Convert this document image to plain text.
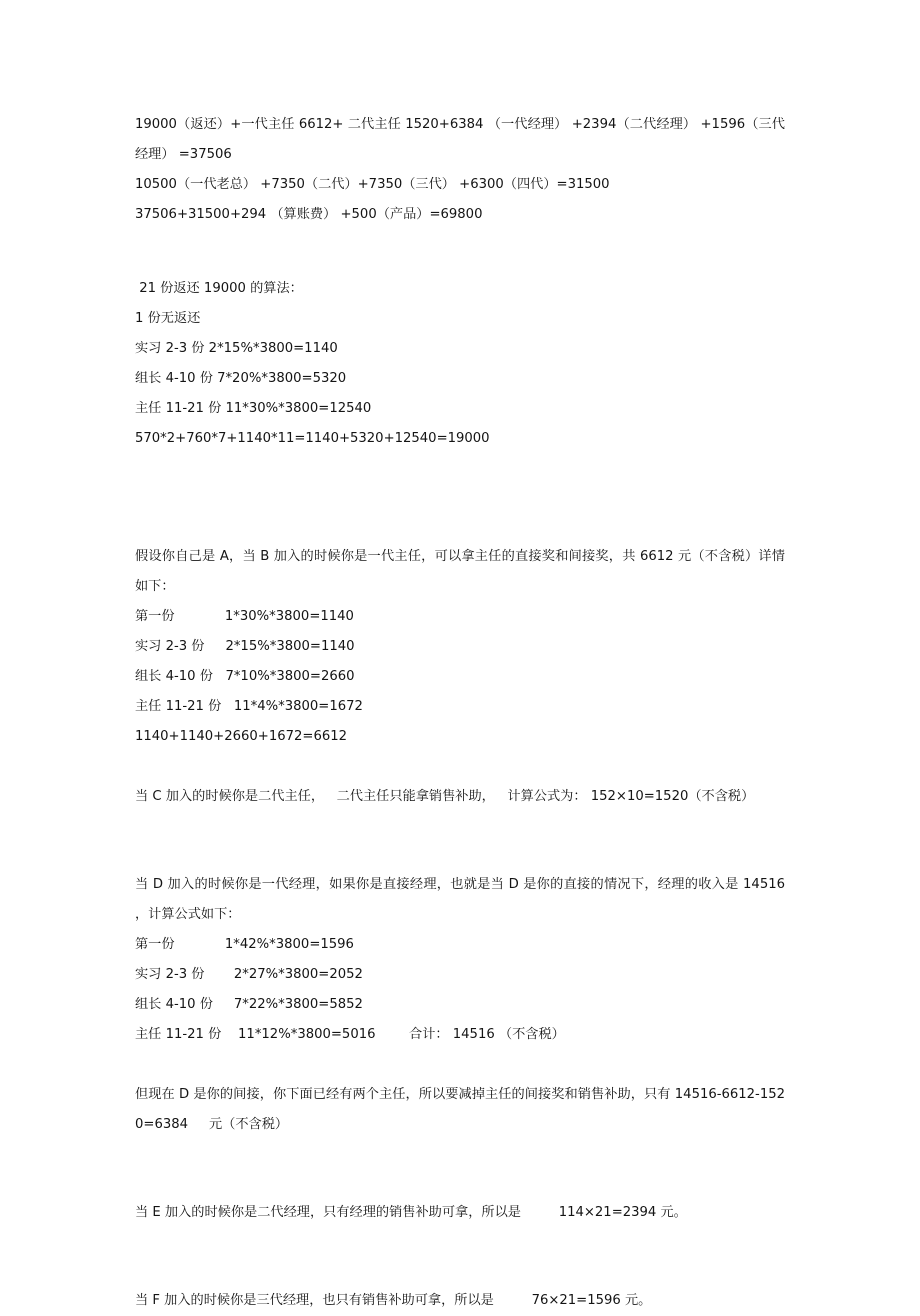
19000（返还）+一代主任 6612+ 二代主任 1520+6384 （一代经理） +2394（二代经理） +1596（三代经理） =37506

10500（一代老总） +7350（二代）+7350（三代） +6300（四代）=31500

37506+31500+294 （算账费） +500（产品）=69800

21 份返还 19000 的算法：

1 份无返还

实习 2-3 份 2*15%*3800=1140

组长 4-10 份 7*20%*3800=5320

主任 11-21 份 11*30%*3800=12540

570*2+760*7+1140*11=1140+5320+12540=19000

假设你自己是 A，当 B 加入的时候你是一代主任，可以拿主任的直接奖和间接奖，共 6612 元（不含税）详情如下：

第一份            1*30%*3800=1140

实习 2-3 份     2*15%*3800=1140

组长 4-10 份   7*10%*3800=2660

主任 11-21 份   11*4%*3800=1672

1140+1140+2660+1672=6612

当 C 加入的时候你是二代主任，   二代主任只能拿销售补助，   计算公式为： 152×10=1520（不含税）

当 D 加入的时候你是一代经理，如果你是直接经理，也就是当 D 是你的直接的情况下，经理的收入是 14516 ，计算公式如下：

第一份            1*42%*3800=1596

实习 2-3 份       2*27%*3800=2052

组长 4-10 份     7*22%*3800=5852

主任 11-21 份    11*12%*3800=5016        合计： 14516 （不含税）

但现在 D 是你的间接，你下面已经有两个主任，所以要减掉主任的间接奖和销售补助，只有 14516-6612-1520=6384     元（不含税）

当 E 加入的时候你是二代经理，只有经理的销售补助可拿，所以是         114×21=2394 元。

当 F 加入的时候你是三代经理，也只有销售补助可拿，所以是         76×21=1596 元。
